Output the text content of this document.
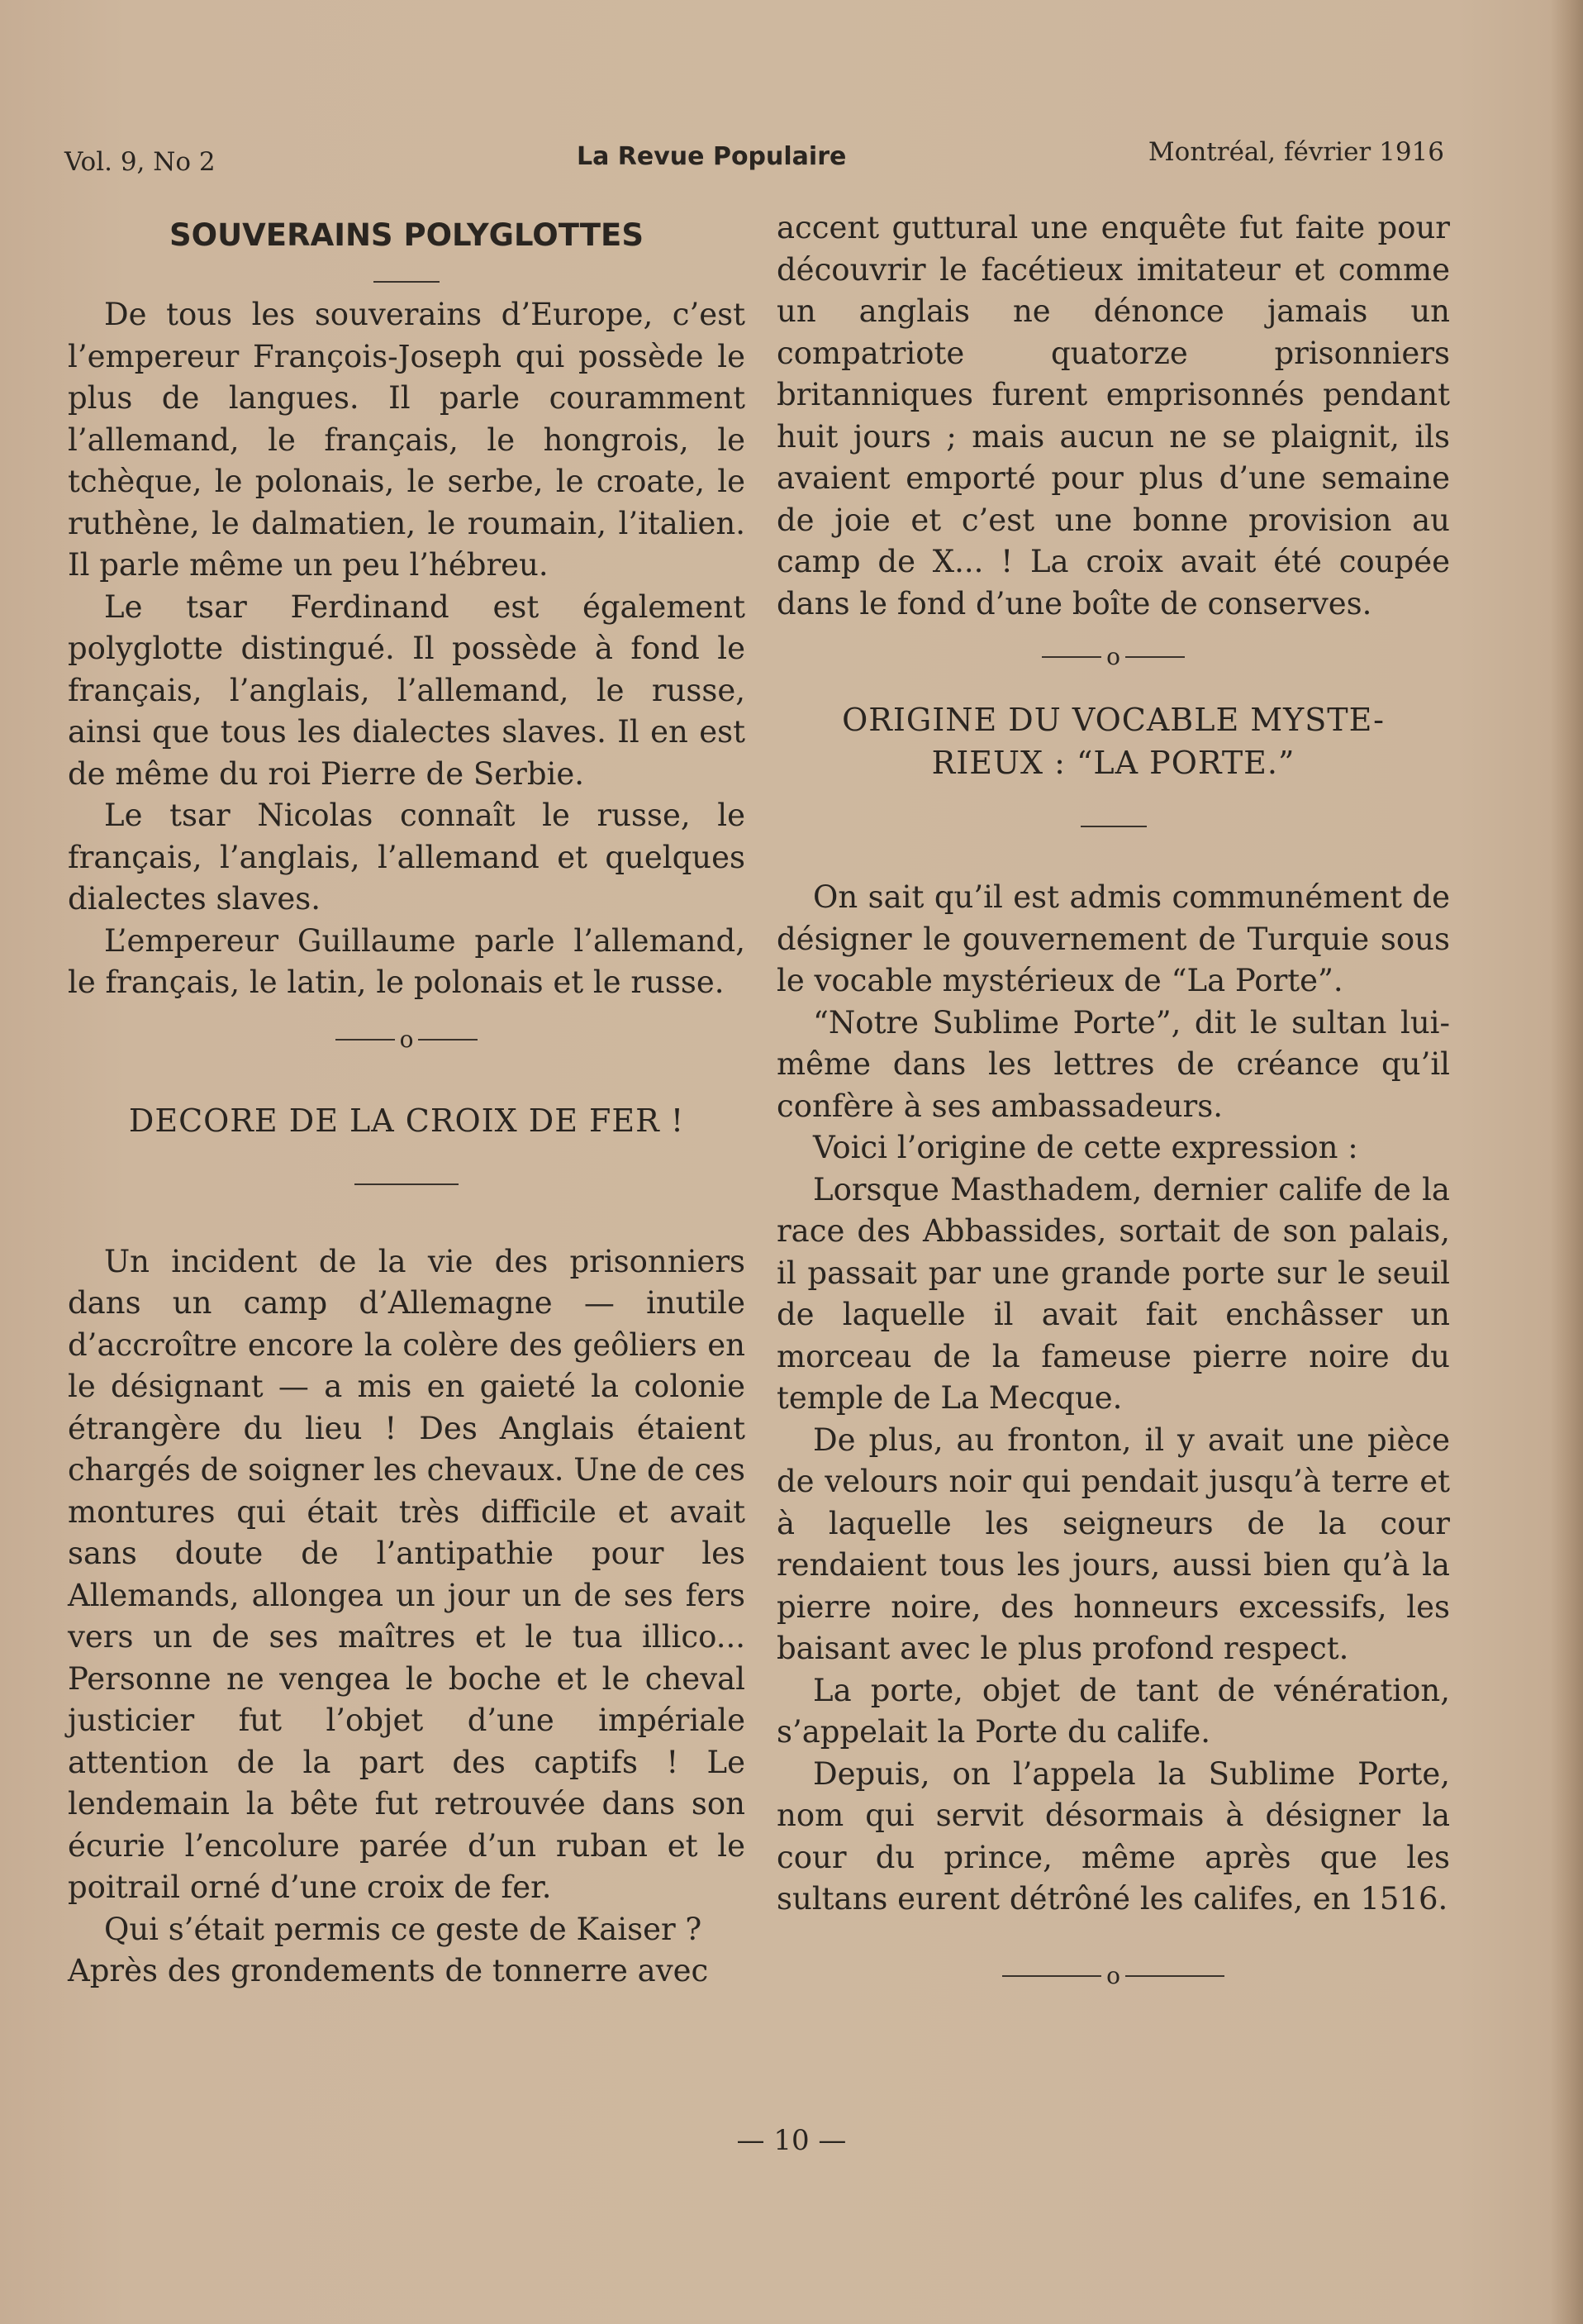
Vol. 9, No 2	La Revue Populaire	Montréal, février 1916
SOUVERAINS POLYGLOTTES

De tous les souverains d’Europe, c’est l’empereur François-Joseph qui possède le plus de langues. Il parle couramment l’allemand, le français, le hongrois, le tchèque, le polonais, le serbe, le croate, le ruthène, le dalmatien, le roumain, l’italien. Il parle même un peu l’hébreu.

Le tsar Ferdinand est également polyglotte distingué. Il possède à fond le français, l’anglais, l’allemand, le russe, ainsi que tous les dialectes slaves. Il en est de même du roi Pierre de Serbie.

Le tsar Nicolas connaît le russe, le français, l’anglais, l’allemand et quelques dialectes slaves.

L’empereur Guillaume parle l’allemand, le français, le latin, le polonais et le russe.

o
DECORE DE LA CROIX DE FER !

Un incident de la vie des prisonniers dans un camp d’Allemagne — inutile d’accroître encore la colère des geôliers en le désignant — a mis en gaieté la colonie étrangère du lieu ! Des Anglais étaient chargés de soigner les chevaux. Une de ces montures qui était très difficile et avait sans doute de l’antipathie pour les Allemands, allongea un jour un de ses fers vers un de ses maîtres et le tua illico... Personne ne vengea le boche et le cheval justicier fut l’objet d’une impériale attention de la part des captifs ! Le lendemain la bête fut retrouvée dans son écurie l’encolure parée d’un ruban et le poitrail orné d’une croix de fer.

Qui s’était permis ce geste de Kaiser ? Après des grondements de tonnerre avec

accent guttural une enquête fut faite pour découvrir le facétieux imitateur et comme un anglais ne dénonce jamais un compatriote quatorze prisonniers britanniques furent emprisonnés pendant huit jours ; mais aucun ne se plaignit, ils avaient emporté pour plus d’une semaine de joie et c’est une bonne provision au camp de X... ! La croix avait été coupée dans le fond d’une boîte de conserves.

o
ORIGINE DU VOCABLE MYSTE-
RIEUX : “LA PORTE.”

On sait qu’il est admis communément de désigner le gouvernement de Turquie sous le vocable mystérieux de “La Porte”.

“Notre Sublime Porte”, dit le sultan lui-même dans les lettres de créance qu’il confère à ses ambassadeurs.

Voici l’origine de cette expression :

Lorsque Masthadem, dernier calife de la race des Abbassides, sortait de son palais, il passait par une grande porte sur le seuil de laquelle il avait fait enchâsser un morceau de la fameuse pierre noire du temple de La Mecque.

De plus, au fronton, il y avait une pièce de velours noir qui pendait jusqu’à terre et à laquelle les seigneurs de la cour rendaient tous les jours, aussi bien qu’à la pierre noire, des honneurs excessifs, les baisant avec le plus profond respect.

La porte, objet de tant de vénération, s’appelait la Porte du calife.

Depuis, on l’appela la Sublime Porte, nom qui servit désormais à désigner la cour du prince, même après que les sultans eurent détrôné les califes, en 1516.

o
— 10 —
